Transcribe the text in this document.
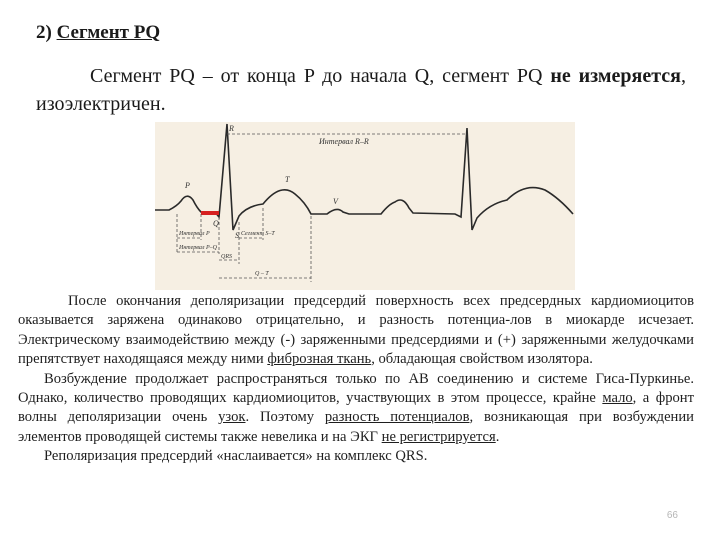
2) Сегмент PQ
Сегмент PQ – от конца P до начала Q, сегмент PQ не измеряется, изоэлектричен.
R
Интервал R–R
P
T
V
Q
S
Интервал P	Сегмент S–T
Интервал P–Q
QRS
Q – T

После окончания деполяризации предсердий поверхность всех предсердных кардиомиоцитов оказывается заряжена одинаково отрицательно, и разность потенциа-лов в миокарде исчезает. Электрическому взаимодействию между (-) заряженными предсердиями и (+) заряженными желудочками препятствует находящаяся между ними фиброзная ткань, обладающая свойством изолятора.

Возбуждение продолжает распространяться только по АВ соединению и системе Гиса-Пуркинье. Однако, количество проводящих кардиомиоцитов, участвующих в этом процессе, крайне мало, а фронт волны деполяризации очень узок. Поэтому разность потенциалов, возникающая при возбуждении элементов проводящей системы также невелика и на ЭКГ не регистрируется.

Реполяризация предсердий «наслаивается» на комплекс QRS.

66
